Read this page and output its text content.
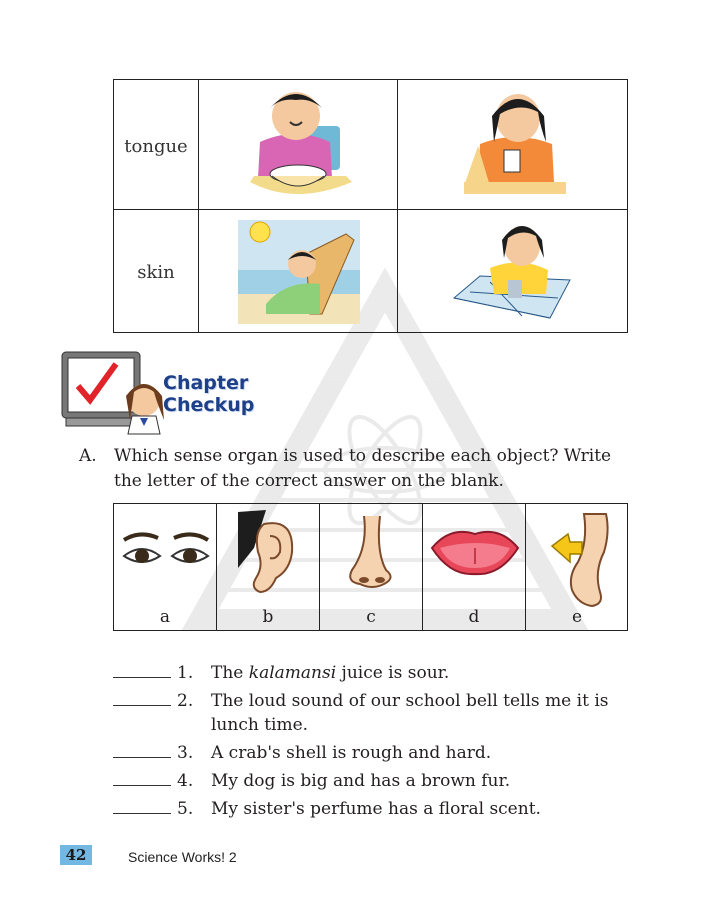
tongue
skin
Chapter
Checkup
A. Which sense organ is used to describe each object? Write
the letter of the correct answer on the blank.
a	b	c	d	e
1. The kalamansi juice is sour.
2. The loud sound of our school bell tells me it is
lunch time.
3. A crab's shell is rough and hard.
4. My dog is big and has a brown fur.
5. My sister's perfume has a floral scent.
42	Science Works! 2
